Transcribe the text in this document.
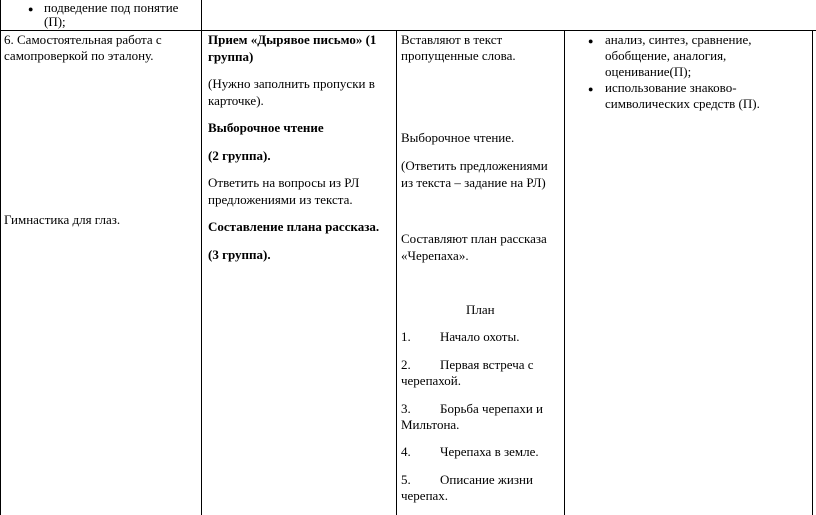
● подведение под понятие
(П);
6. Самостоятельная работа с
самопроверкой по эталону.
Гимнастика для глаз.
Прием «Дырявое письмо» (1
группа)
(Нужно заполнить пропуски в
карточке).
Выборочное чтение
(2 группа).
Ответить на вопросы из РЛ
предложениями из текста.
Составление плана рассказа.
(3 группа).
Вставляют в текст
пропущенные слова.
Выборочное чтение.
(Ответить предложениями
из текста – задание на РЛ)
Составляют план рассказа
«Черепаха».
План
1. Начало охоты.
2. Первая встреча с
черепахой.
3. Борьба черепахи и
Мильтона.
4. Черепаха в земле.
5. Описание жизни
черепах.
● анализ, синтез, сравнение,
обобщение, аналогия,
оценивание(П);
● использование знаково-
символических средств (П).
